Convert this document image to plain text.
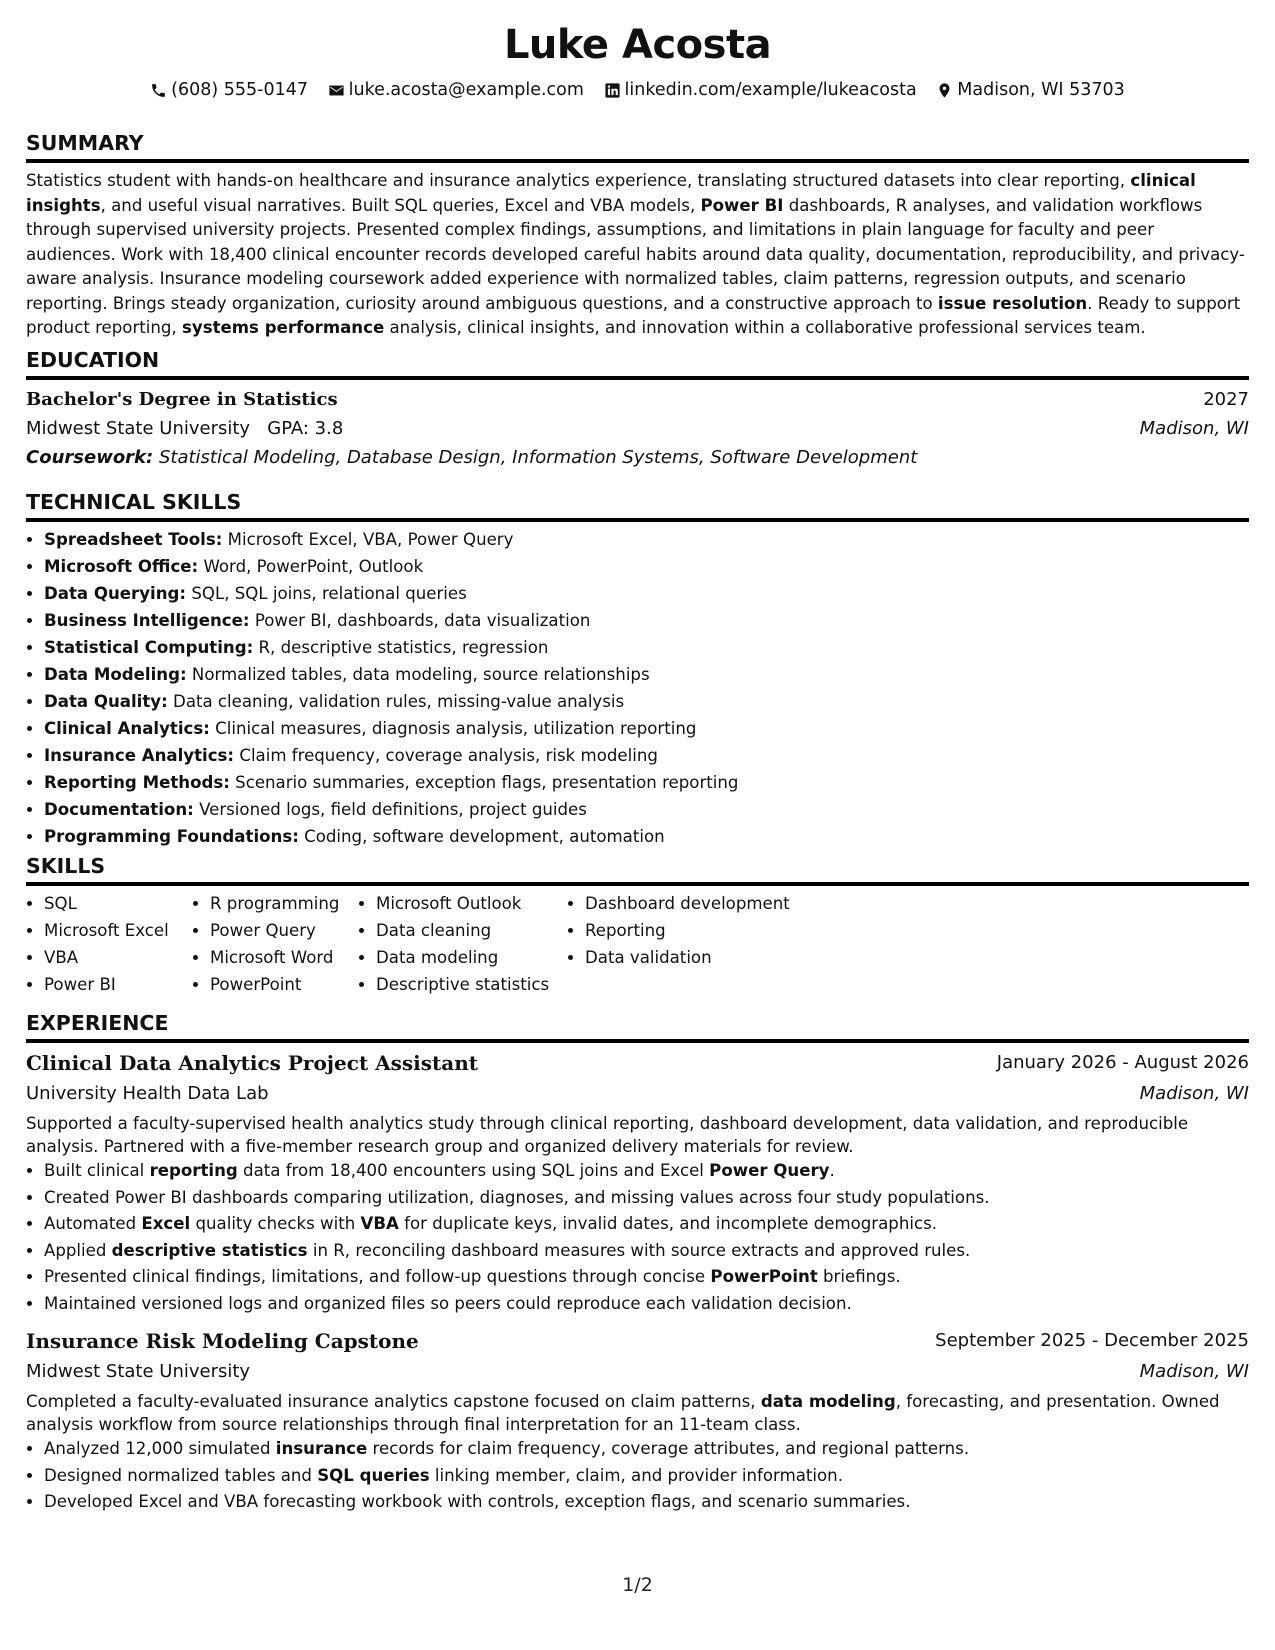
Luke Acosta
(608) 555-0147
luke.acosta@example.com
linkedin.com/example/lukeacosta
Madison, WI 53703
SUMMARY
Statistics student with hands-on healthcare and insurance analytics experience, translating structured datasets into clear reporting, clinical insights, and useful visual narratives. Built SQL queries, Excel and VBA models, Power BI dashboards, R analyses, and validation workflows through supervised university projects. Presented complex findings, assumptions, and limitations in plain language for faculty and peer audiences. Work with 18,400 clinical encounter records developed careful habits around data quality, documentation, reproducibility, and privacy-aware analysis. Insurance modeling coursework added experience with normalized tables, claim patterns, regression outputs, and scenario reporting. Brings steady organization, curiosity around ambiguous questions, and a constructive approach to issue resolution. Ready to support product reporting, systems performance analysis, clinical insights, and innovation within a collaborative professional services team.
EDUCATION
Bachelor's Degree in Statistics	2027
Midwest State University GPA: 3.8	Madison, WI
Coursework: Statistical Modeling, Database Design, Information Systems, Software Development
TECHNICAL SKILLS
• Spreadsheet Tools: Microsoft Excel, VBA, Power Query
• Microsoft Office: Word, PowerPoint, Outlook
• Data Querying: SQL, SQL joins, relational queries
• Business Intelligence: Power BI, dashboards, data visualization
• Statistical Computing: R, descriptive statistics, regression
• Data Modeling: Normalized tables, data modeling, source relationships
• Data Quality: Data cleaning, validation rules, missing-value analysis
• Clinical Analytics: Clinical measures, diagnosis analysis, utilization reporting
• Insurance Analytics: Claim frequency, coverage analysis, risk modeling
• Reporting Methods: Scenario summaries, exception flags, presentation reporting
• Documentation: Versioned logs, field definitions, project guides
• Programming Foundations: Coding, software development, automation
SKILLS
• SQL
• Microsoft Excel
• VBA
• Power BI
• R programming
• Power Query
• Microsoft Word
• PowerPoint
• Microsoft Outlook
• Data cleaning
• Data modeling
• Descriptive statistics
• Dashboard development
• Reporting
• Data validation
EXPERIENCE
Clinical Data Analytics Project Assistant	January 2026 - August 2026
University Health Data Lab	Madison, WI
Supported a faculty-supervised health analytics study through clinical reporting, dashboard development, data validation, and reproducible analysis. Partnered with a five-member research group and organized delivery materials for review.
• Built clinical reporting data from 18,400 encounters using SQL joins and Excel Power Query.
• Created Power BI dashboards comparing utilization, diagnoses, and missing values across four study populations.
• Automated Excel quality checks with VBA for duplicate keys, invalid dates, and incomplete demographics.
• Applied descriptive statistics in R, reconciling dashboard measures with source extracts and approved rules.
• Presented clinical findings, limitations, and follow-up questions through concise PowerPoint briefings.
• Maintained versioned logs and organized files so peers could reproduce each validation decision.
Insurance Risk Modeling Capstone	September 2025 - December 2025
Midwest State University	Madison, WI
Completed a faculty-evaluated insurance analytics capstone focused on claim patterns, data modeling, forecasting, and presentation. Owned analysis workflow from source relationships through final interpretation for an 11-team class.
• Analyzed 12,000 simulated insurance records for claim frequency, coverage attributes, and regional patterns.
• Designed normalized tables and SQL queries linking member, claim, and provider information.
• Developed Excel and VBA forecasting workbook with controls, exception flags, and scenario summaries.
1/2
